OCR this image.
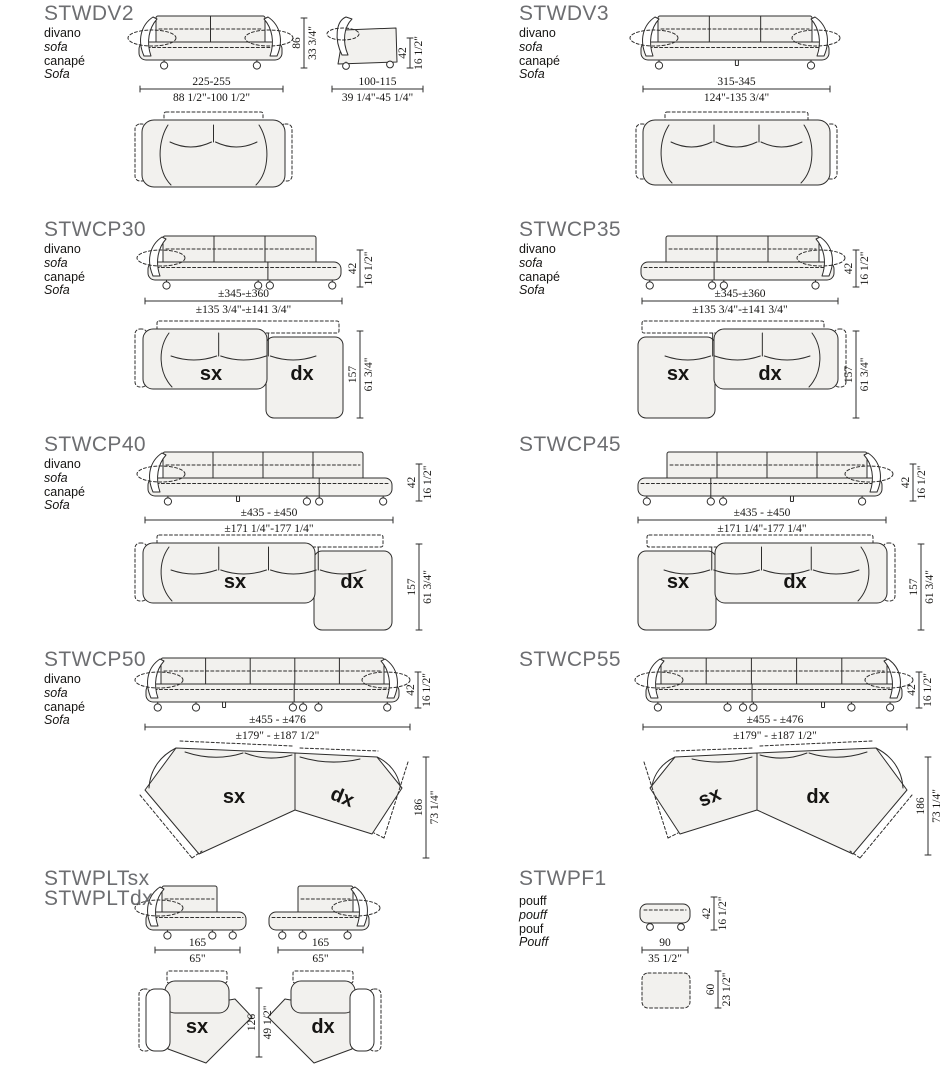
86 33 3/4"	42 16 1/2"
225-255
88 1/2"-100 1/2"
100-115
39 1/4"-45 1/4"
315-345
124"-135 3/4"
42 16 1/2"
±345-±360
±135 3/4"-±141 3/4"
sx	dx	157 61 3/4"
42 16 1/2"
±345-±360
±135 3/4"-±141 3/4"
sx	dx	157 61 3/4"
42 16 1/2"
±435 - ±450
±171 1/4"-177 1/4"
sx	dx	157 61 3/4"
42 16 1/2"
±435 - ±450
±171 1/4"-177 1/4"
sx	dx	157 61 3/4"
42 16 1/2"
±455 - ±476
±179" - ±187 1/2"
sx	dx	186 73 1/4"
42 16 1/2"
±455 - ±476
±179" - ±187 1/2"
sx	dx	186 73 1/4"
165
65"
165
65"
sx	dx
126 49 1/2"
42 16 1/2"
90
35 1/2"
60 23 1/2"
STWDV2
divano
sofa
canapé
Sofa
STWDV3
divano
sofa
canapé
Sofa
STWCP30
divano
sofa
canapé
Sofa
STWCP35
divano
sofa
canapé
Sofa
STWCP40
divano
sofa
canapé
Sofa
STWCP45
STWCP50
divano
sofa
canapé
Sofa
STWCP55
STWPLTsx
STWPLTdx
STWPF1
pouff
pouff
pouf
Pouff
